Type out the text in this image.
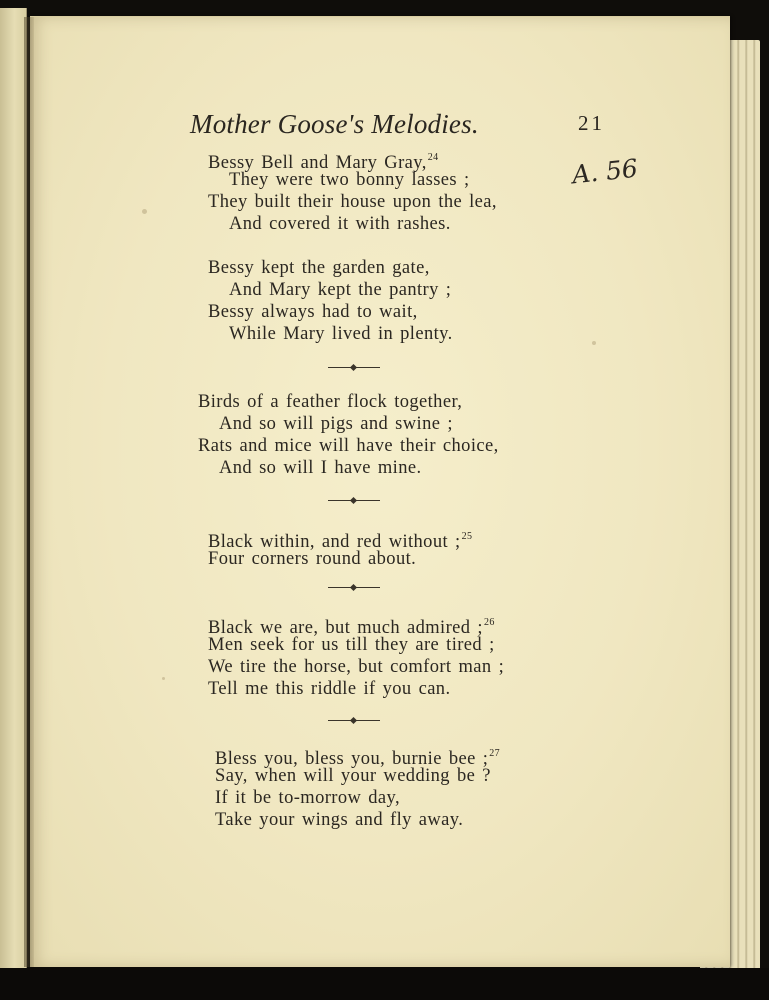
Mother Goose's Melodies.	21
A. 56
Bessy Bell and Mary Gray,$^{24}$
They were two bonny lasses ;
They built their house upon the lea,
And covered it with rashes.
Bessy kept the garden gate,
And Mary kept the pantry ;
Bessy always had to wait,
While Mary lived in plenty.
Birds of a feather flock together,
And so will pigs and swine ;
Rats and mice will have their choice,
And so will I have mine.
Black within, and red without ;$^{25}$
Four corners round about.
Black we are, but much admired ;$^{26}$
Men seek for us till they are tired ;
We tire the horse, but comfort man ;
Tell me this riddle if you can.
Bless you, bless you, burnie bee ;$^{27}$
Say, when will your wedding be ?
If it be to-morrow day,
Take your wings and fly away.
